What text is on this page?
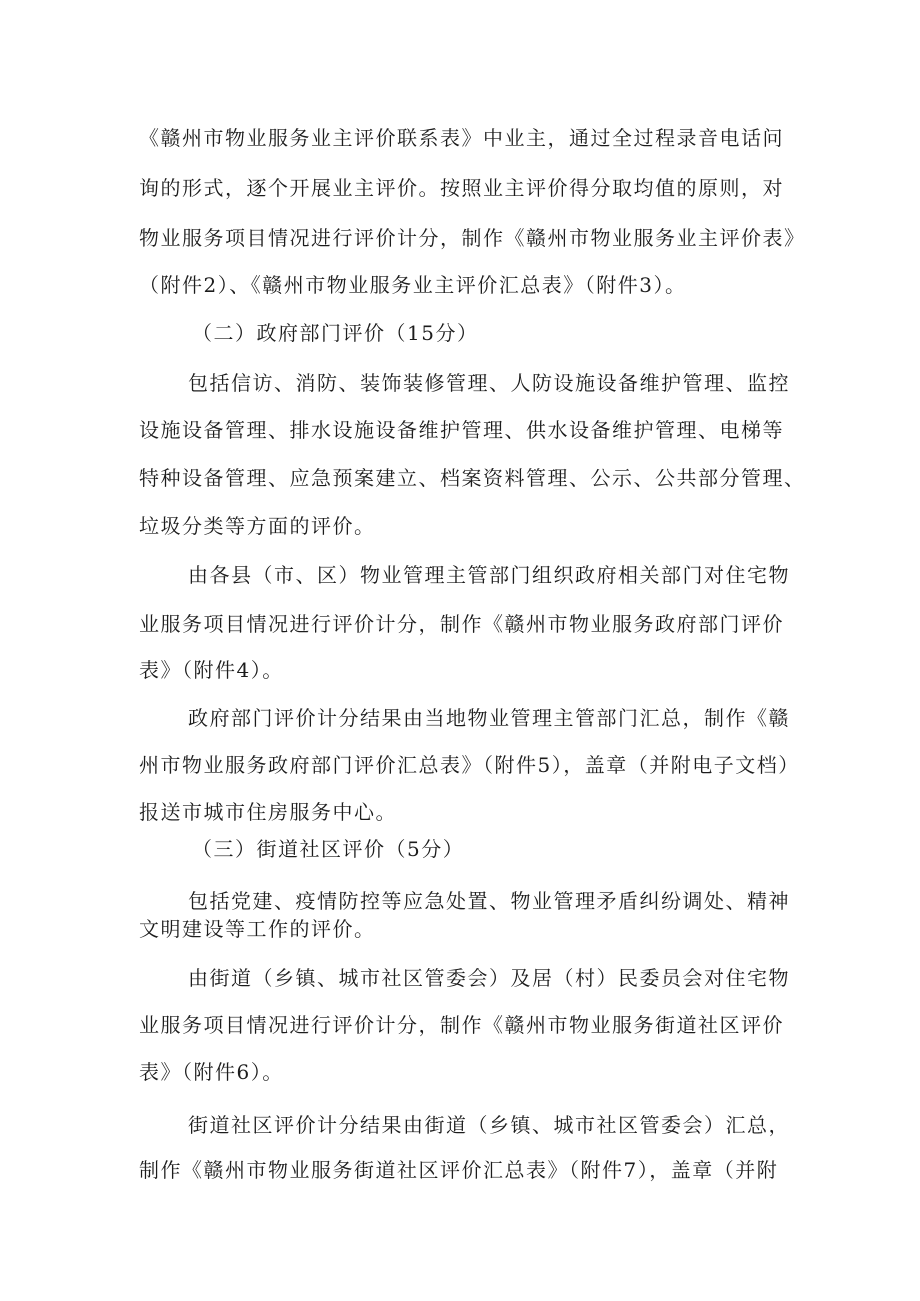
《赣州市物业服务业主评价联系表》中业主，通过全过程录音电话问
询的形式，逐个开展业主评价。按照业主评价得分取均值的原则，对
物业服务项目情况进行评价计分，制作《赣州市物业服务业主评价表》
（附件2）、《赣州市物业服务业主评价汇总表》（附件3）。
（二）政府部门评价（15分）
包括信访、消防、装饰装修管理、人防设施设备维护管理、监控
设施设备管理、排水设施设备维护管理、供水设备维护管理、电梯等
特种设备管理、应急预案建立、档案资料管理、公示、公共部分管理、
垃圾分类等方面的评价。
由各县（市、区）物业管理主管部门组织政府相关部门对住宅物
业服务项目情况进行评价计分，制作《赣州市物业服务政府部门评价
表》（附件4）。
政府部门评价计分结果由当地物业管理主管部门汇总，制作《赣
州市物业服务政府部门评价汇总表》（附件5），盖章（并附电子文档）
报送市城市住房服务中心。
（三）街道社区评价（5分）
包括党建、疫情防控等应急处置、物业管理矛盾纠纷调处、精神
文明建设等工作的评价。
由街道（乡镇、城市社区管委会）及居（村）民委员会对住宅物
业服务项目情况进行评价计分，制作《赣州市物业服务街道社区评价
表》（附件6）。
街道社区评价计分结果由街道（乡镇、城市社区管委会）汇总，
制作《赣州市物业服务街道社区评价汇总表》（附件7），盖章（并附
